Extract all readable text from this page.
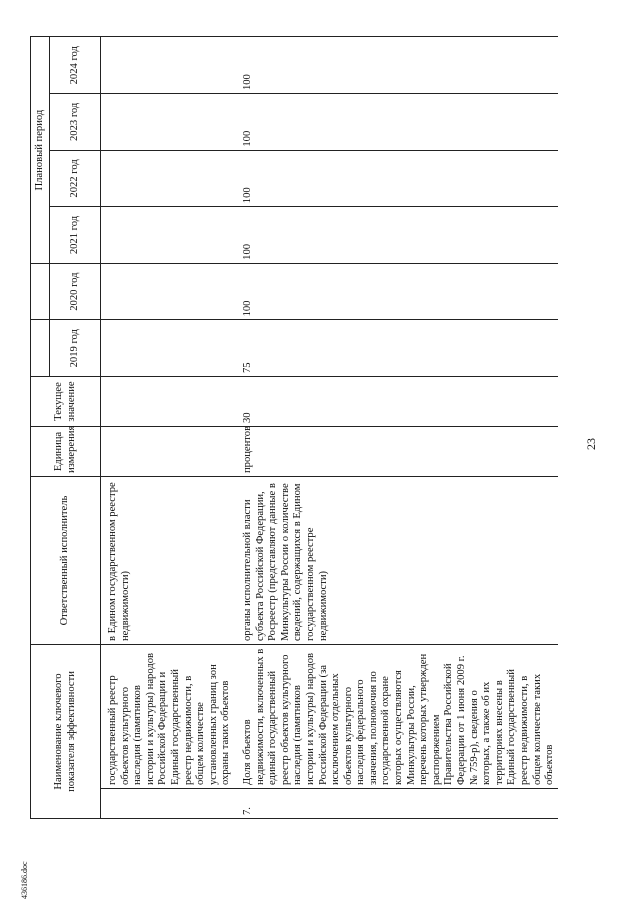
23
436186.doc
Наименование ключевого показателя эффективности		Ответственный исполнитель	Единица измерения	Текущее значение			Плановый период			
					2019 год	2020 год	2021 год	2022 год	2023 год	2024 год
	государственный реестр объектов культурного наследия (памятников истории и культуры) народов Российской Федерации и Единый государственный реестр недвижимости, в общем количестве установленных границ зон охраны таких объектов	в Едином государственном реестре недвижимости)								
7.	Доля объектов недвижимости, включенных в единый государственный реестр объектов культурного наследия (памятников истории и культуры) народов Российской Федерации (за исключением отдельных объектов культурного наследия федерального значения, полномочия по государственной охране которых осуществляются Минкультуры России, перечень которых утвержден распоряжением Правительства Российской Федерации от 1 июня 2009 г. № 759-р), сведения о которых, а также об их территориях внесены в Единый государственный реестр недвижимости, в общем количестве таких объектов	органы исполнительной власти субъекта Российской Федерации, Росреестр (представляют данные в Минкультуры России о количестве сведений, содержащихся в Едином государственном реестре недвижимости)	процентов	30	75	100	100	100	100	100
